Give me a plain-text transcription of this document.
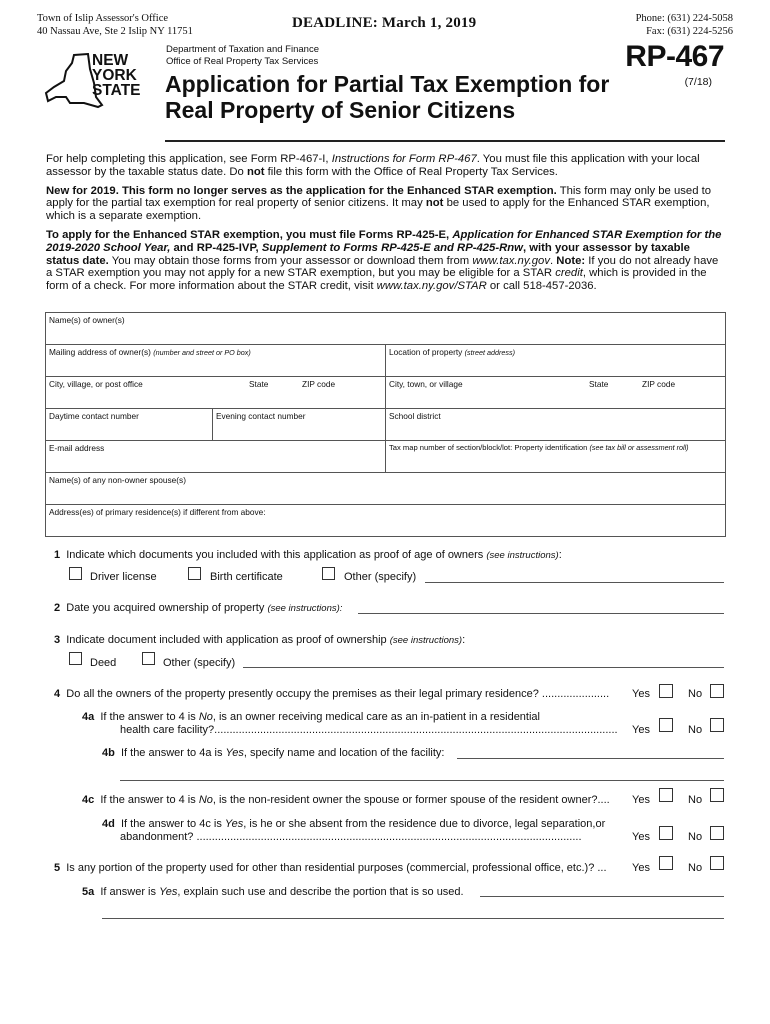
Town of Islip Assessor's Office
40 Nassau Ave, Ste 2 Islip NY 11751
DEADLINE: March 1, 2019	Phone: (631) 224-5058
Fax: (631) 224-5256
NEW
YORK
STATE
Department of Taxation and Finance
Office of Real Property Tax Services
Application for Partial Tax Exemption for
Real Property of Senior Citizens
RP-467
(7/18)

For help completing this application, see Form RP-467-I, Instructions for Form RP-467. You must file this application with your local assessor by the taxable status date. Do not file this form with the Office of Real Property Tax Services.

New for 2019. This form no longer serves as the application for the Enhanced STAR exemption. This form may only be used to apply for the partial tax exemption for real property of senior citizens. It may not be used to apply for the Enhanced STAR exemption, which is a separate exemption.

To apply for the Enhanced STAR exemption, you must file Forms RP-425-E, Application for Enhanced STAR Exemption for the 2019-2020 School Year, and RP-425-IVP, Supplement to Forms RP-425-E and RP-425-Rnw, with your assessor by taxable status date. You may obtain those forms from your assessor or download them from www.tax.ny.gov. Note: If you do not already have a STAR exemption you may not apply for a new STAR exemption, but you may be eligible for a STAR credit, which is provided in the form of a check. For more information about the STAR credit, visit www.tax.ny.gov/STAR or call 518-457-2036.

Name(s) of owner(s)
Mailing address of owner(s) (number and street or PO box)	Location of property (street address)
City, village, or post office	State	ZIP code	City, town, or village	State	ZIP code
Daytime contact number	Evening contact number	School district
E-mail address	Tax map number of section/block/lot: Property identification (see tax bill or assessment roll)
Name(s) of any non-owner spouse(s)
Address(es) of primary residence(s) if different from above:
1 Indicate which documents you included with this application as proof of age of owners (see instructions):
Driver license	Birth certificate	Other (specify)
2 Date you acquired ownership of property (see instructions):
3 Indicate document included with application as proof of ownership (see instructions):
Deed	Other (specify)
4 Do all the owners of the property presently occupy the premises as their legal primary residence? ...................... Yes	No
4a If the answer to 4 is No, is an owner receiving medical care as an in-patient in a residential
health care facility?....................................................................................................................................	Yes	No
4b If the answer to 4a is Yes, specify name and location of the facility:
4c If the answer to 4 is No, is the non-resident owner the spouse or former spouse of the resident owner?.... Yes	No
4d If the answer to 4c is Yes, is he or she absent from the residence due to divorce, legal separation,or
abandonment? ..............................................................................................................................	Yes	No
5 Is any portion of the property used for other than residential purposes (commercial, professional office, etc.)? ...	Yes	No
5a If answer is Yes, explain such use and describe the portion that is so used.
